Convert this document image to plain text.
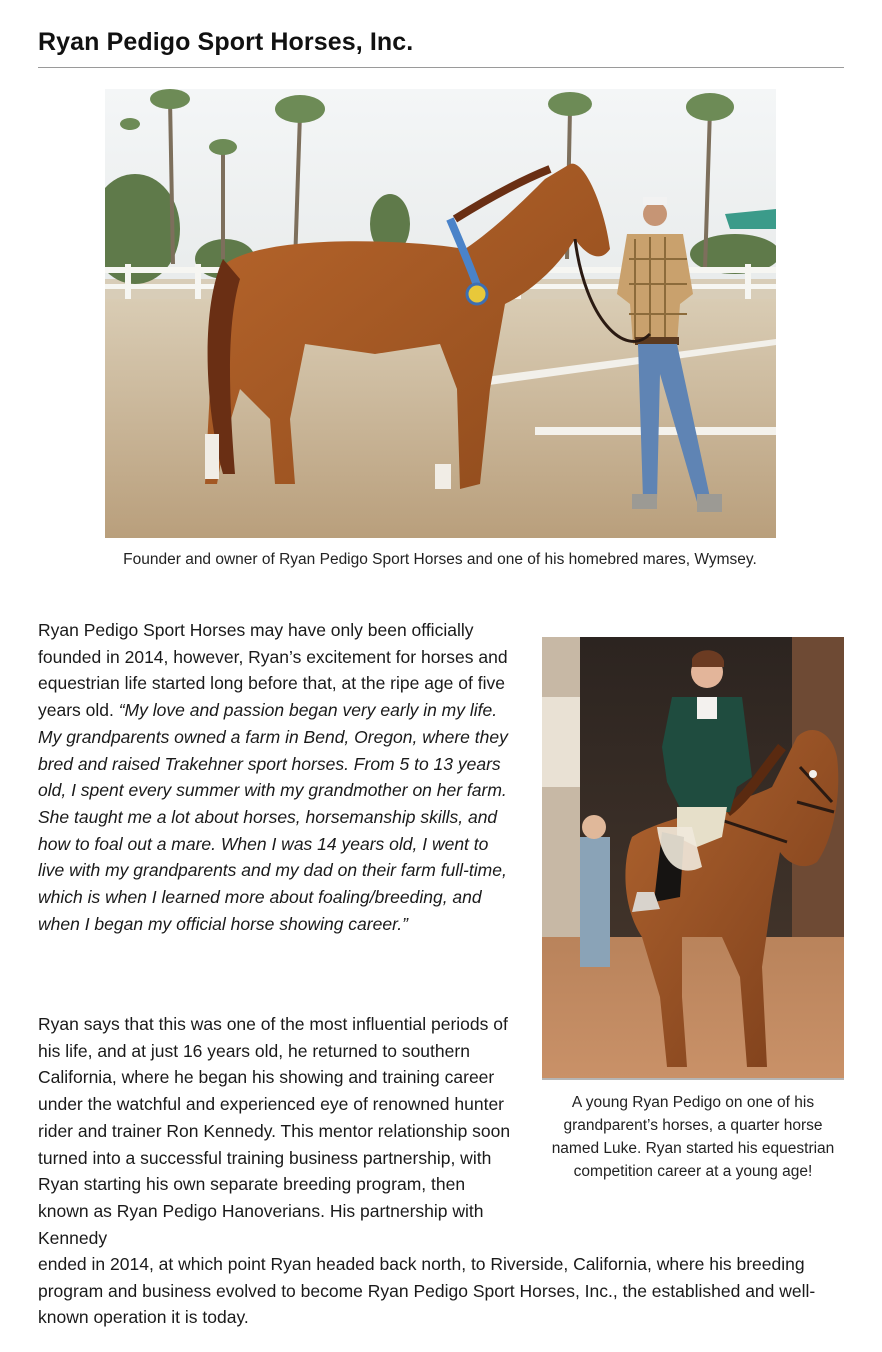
Ryan Pedigo Sport Horses, Inc.
Founder and owner of Ryan Pedigo Sport Horses and one of his homebred mares, Wymsey.
A young Ryan Pedigo on one of his grandparent’s horses, a quarter horse named Luke. Ryan started his equestrian competition career at a young age!
Ryan Pedigo Sport Horses may have only been officially founded in 2014, however, Ryan’s excitement for horses and equestrian life started long before that, at the ripe age of five years old. “My love and passion began very early in my life. My grandparents owned a farm in Bend, Oregon, where they bred and raised Trakehner sport horses. From 5 to 13 years old, I spent every summer with my grandmother on her farm. She taught me a lot about horses, horsemanship skills, and how to foal out a mare. When I was 14 years old, I went to live with my grandparents and my dad on their farm full-time, which is when I learned more about foaling/breeding, and when I began my official horse showing career.”
Ryan says that this was one of the most influential periods of his life, and at just 16 years old, he returned to southern California, where he began his showing and training career under the watchful and experienced eye of renowned hunter rider and trainer Ron Kennedy. This mentor relationship soon turned into a successful training business partnership, with Ryan starting his own separate breeding program, then known as Ryan Pedigo Hanoverians. His partnership with Kennedy
ended in 2014, at which point Ryan headed back north, to Riverside, California, where his breeding program and business evolved to become Ryan Pedigo Sport Horses, Inc., the established and well-known operation it is today.
